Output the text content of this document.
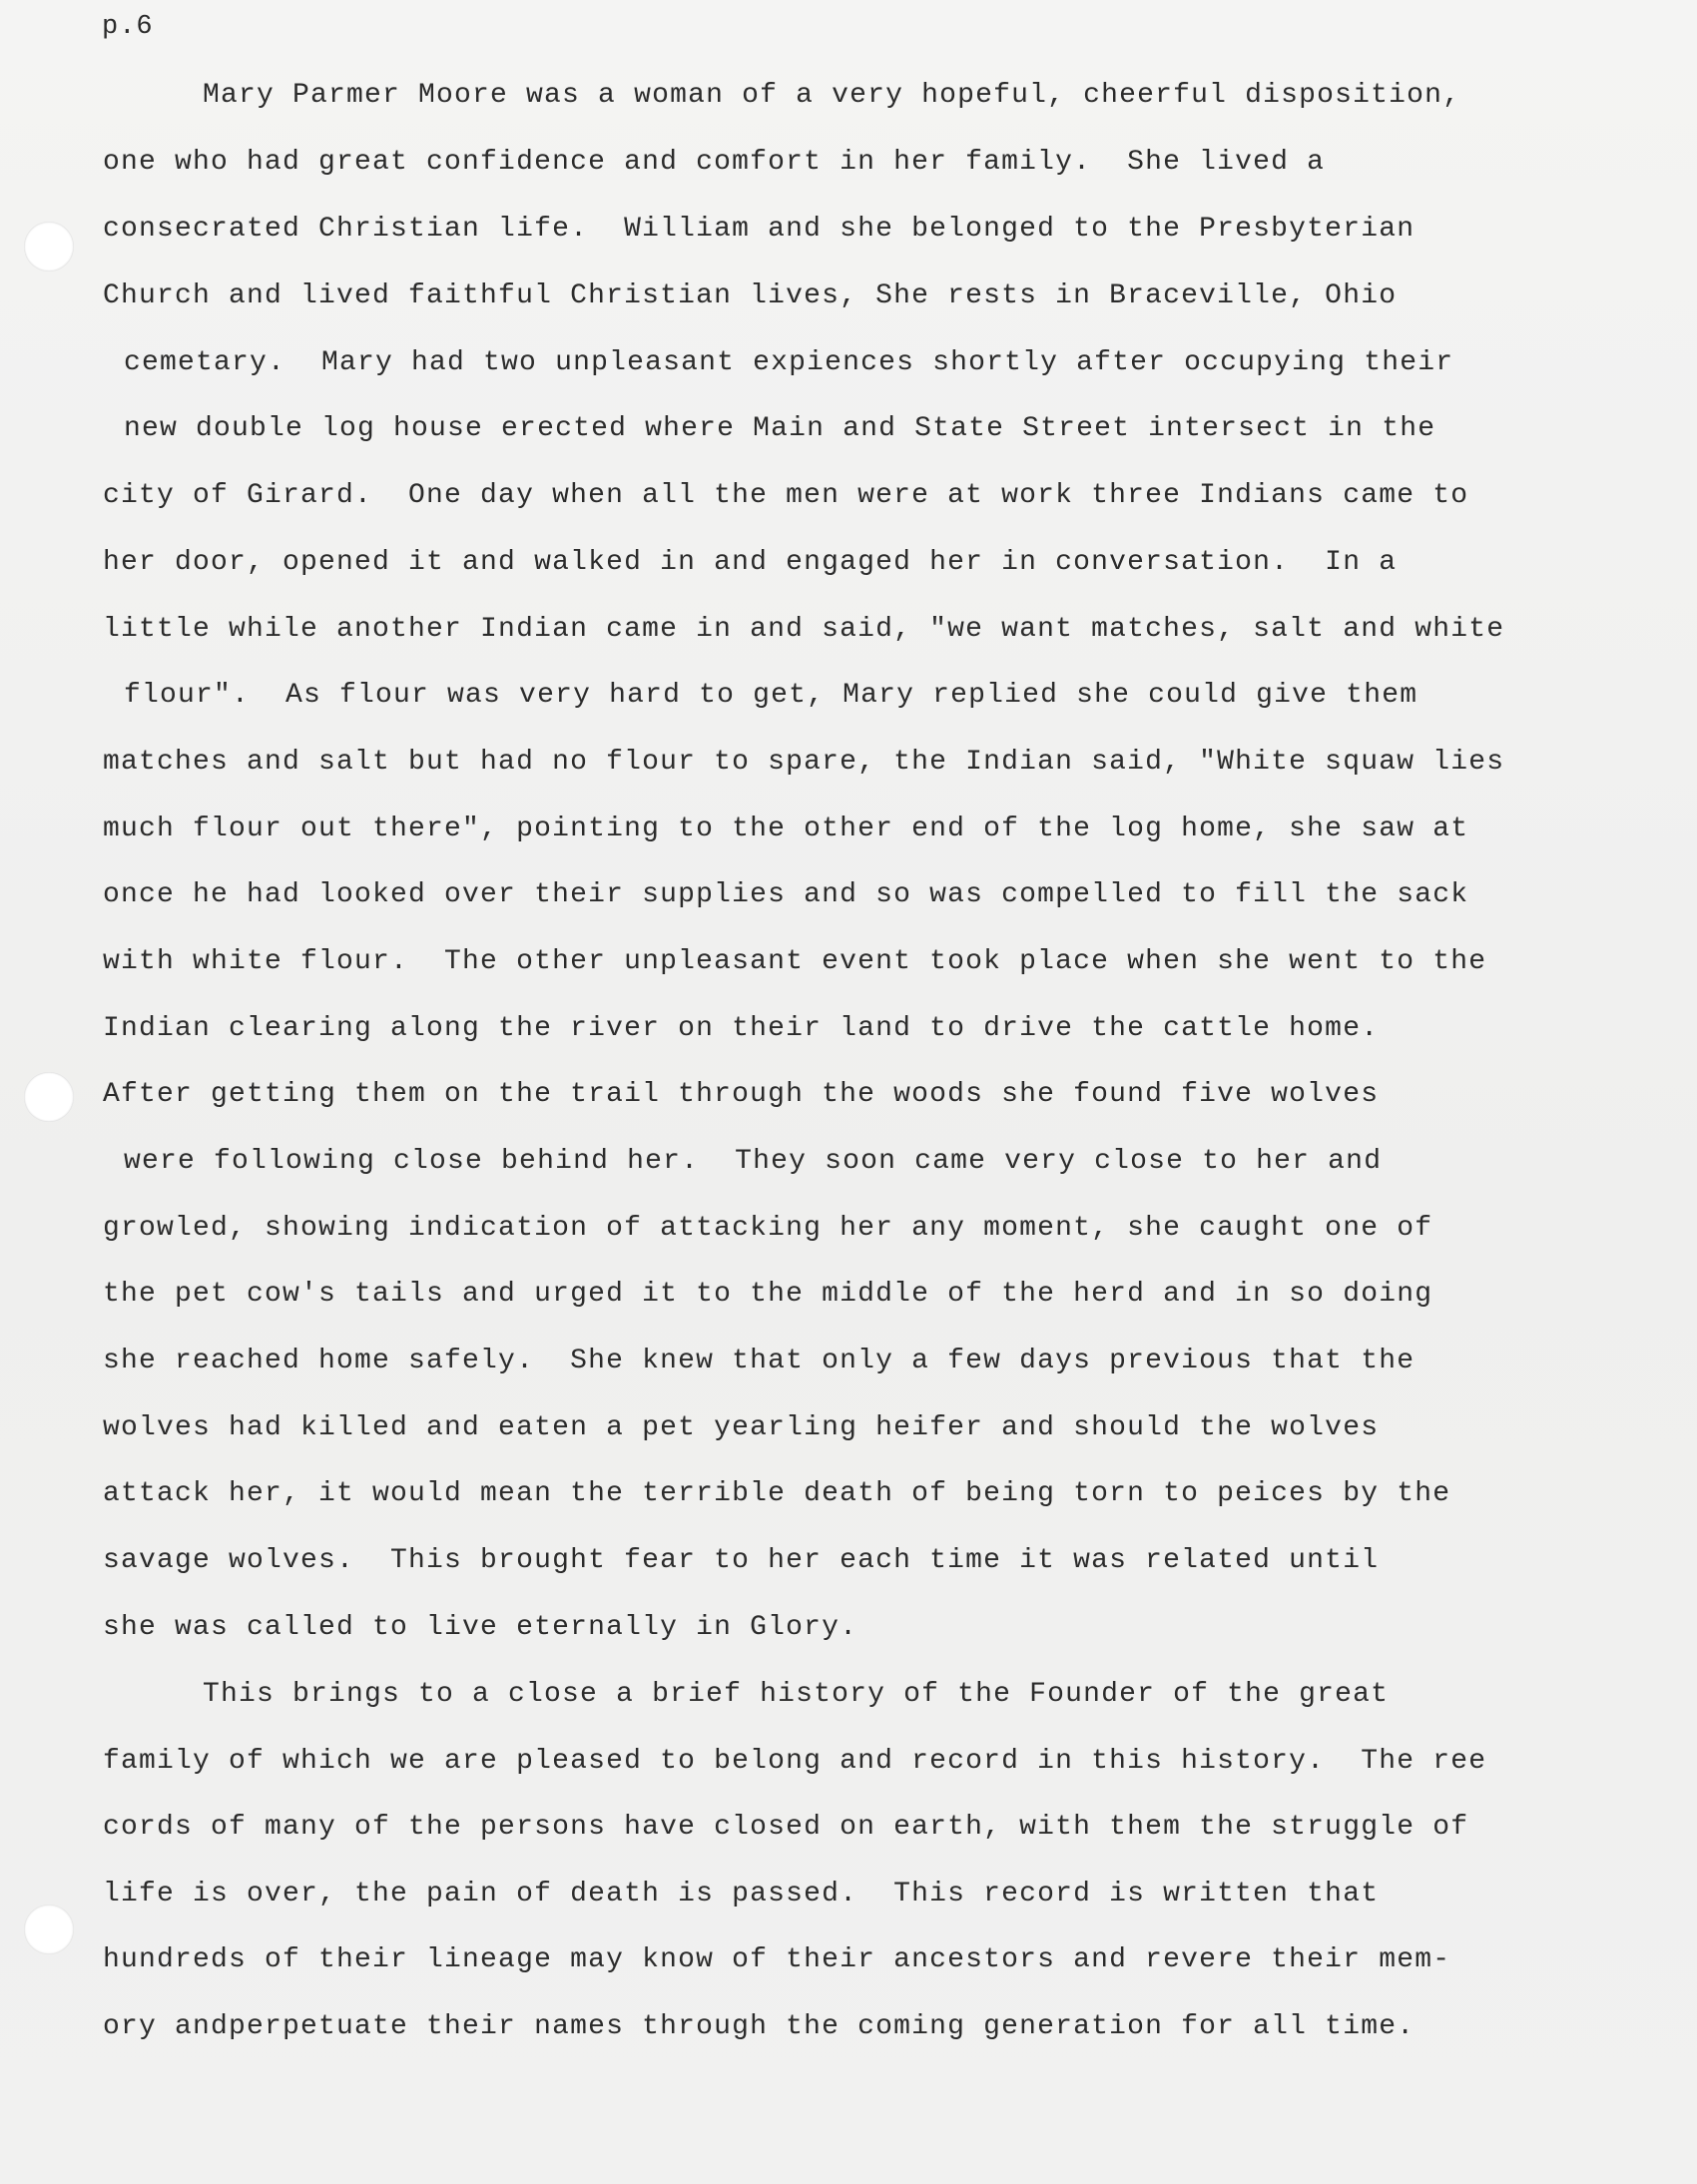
p.6
Mary Parmer Moore was a woman of a very hopeful, cheerful disposition,
one who had great confidence and comfort in her family.  She lived a
consecrated Christian life.  William and she belonged to the Presbyterian
Church and lived faithful Christian lives, She rests in Braceville, Ohio
cemetary.  Mary had two unpleasant expiences shortly after occupying their
new double log house erected where Main and State Street intersect in the
city of Girard.  One day when all the men were at work three Indians came to
her door, opened it and walked in and engaged her in conversation.  In a
little while another Indian came in and said, "we want matches, salt and white
flour".  As flour was very hard to get, Mary replied she could give them
matches and salt but had no flour to spare, the Indian said, "White squaw lies
much flour out there", pointing to the other end of the log home, she saw at
once he had looked over their supplies and so was compelled to fill the sack
with white flour.  The other unpleasant event took place when she went to the
Indian clearing along the river on their land to drive the cattle home.
After getting them on the trail through the woods she found five wolves
were following close behind her.  They soon came very close to her and
growled, showing indication of attacking her any moment, she caught one of
the pet cow's tails and urged it to the middle of the herd and in so doing
she reached home safely.  She knew that only a few days previous that the
wolves had killed and eaten a pet yearling heifer and should the wolves
attack her, it would mean the terrible death of being torn to peices by the
savage wolves.  This brought fear to her each time it was related until
she was called to live eternally in Glory.
This brings to a close a brief history of the Founder of the great
family of which we are pleased to belong and record in this history.  The ree
cords of many of the persons have closed on earth, with them the struggle of
life is over, the pain of death is passed.  This record is written that
hundreds of their lineage may know of their ancestors and revere their mem-
ory andperpetuate their names through the coming generation for all time.
